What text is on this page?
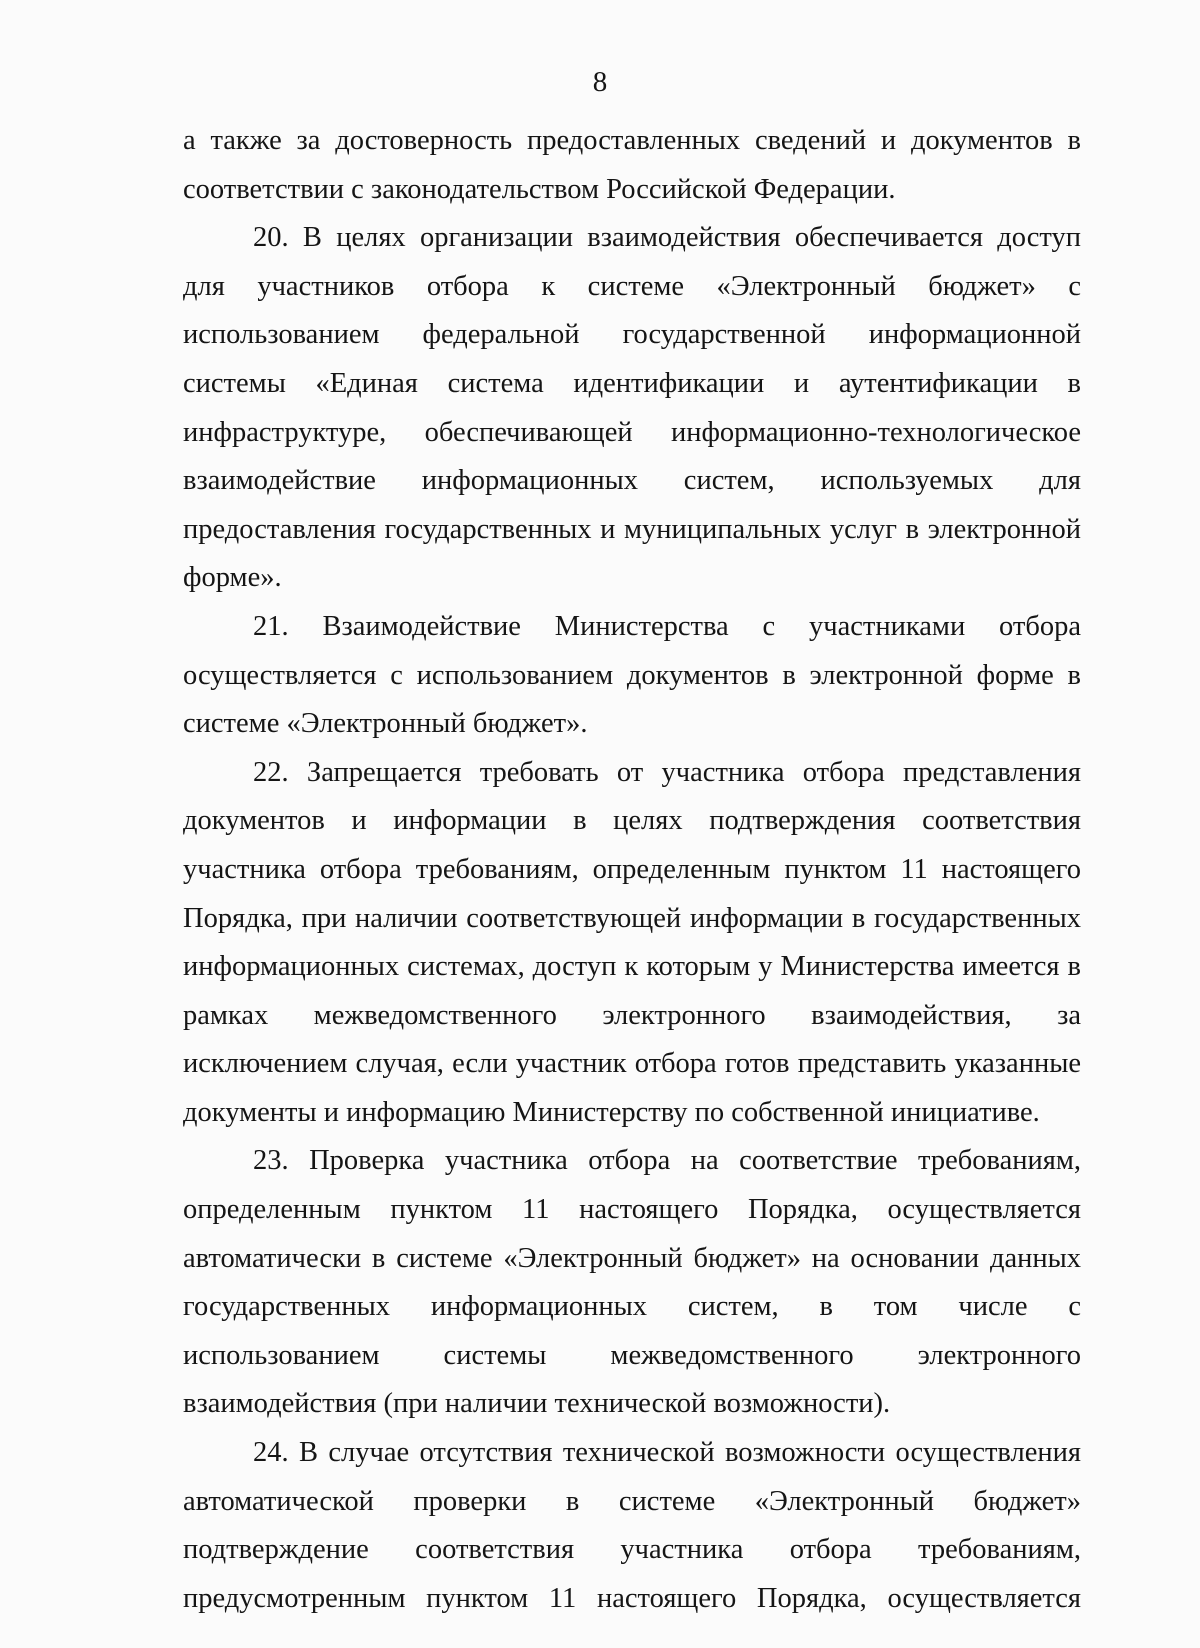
8

а также за достоверность предоставленных сведений и документов в соответствии с законодательством Российской Федерации.

20. В целях организации взаимодействия обеспечивается доступ для участников отбора к системе «Электронный бюджет» с использованием федеральной государственной информационной системы «Единая система идентификации и аутентификации в инфраструктуре, обеспечивающей информационно-технологическое взаимодействие информационных систем, используемых для предоставления государственных и муниципальных услуг в электронной форме».

21. Взаимодействие Министерства с участниками отбора осуществляется с использованием документов в электронной форме в системе «Электронный бюджет».

22. Запрещается требовать от участника отбора представления документов и информации в целях подтверждения соответствия участника отбора требованиям, определенным пунктом 11 настоящего Порядка, при наличии соответствующей информации в государственных информационных системах, доступ к которым у Министерства имеется в рамках межведомственного электронного взаимодействия, за исключением случая, если участник отбора готов представить указанные документы и информацию Министерству по собственной инициативе.

23. Проверка участника отбора на соответствие требованиям, определенным пунктом 11 настоящего Порядка, осуществляется автоматически в системе «Электронный бюджет» на основании данных государственных информационных систем, в том числе с использованием системы межведомственного электронного взаимодействия (при наличии технической возможности).

24. В случае отсутствия технической возможности осуществления автоматической проверки в системе «Электронный бюджет» подтверждение соответствия участника отбора требованиям, предусмотренным пунктом 11 настоящего Порядка, осуществляется
